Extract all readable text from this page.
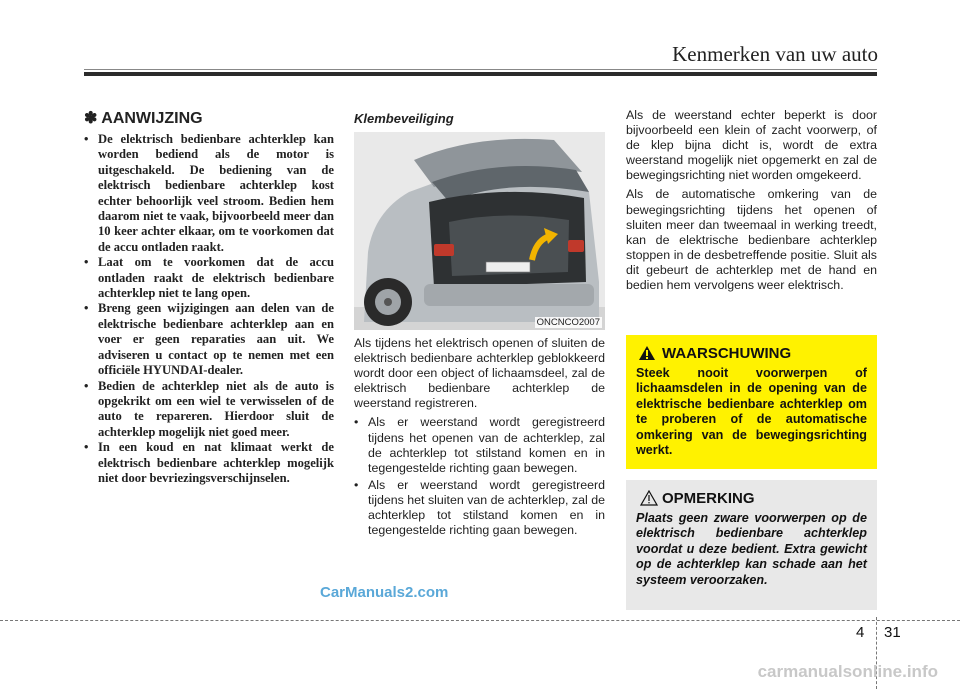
Kenmerken van uw auto
✽ AANWIJZING
• De elektrisch bedienbare achterklep kan worden bediend als de motor is uitgeschakeld. De bediening van de elektrisch bedienbare achterklep kost echter behoorlijk veel stroom. Bedien hem daarom niet te vaak, bijvoorbeeld meer dan 10 keer achter elkaar, om te voorkomen dat de accu ontladen raakt.
• Laat om te voorkomen dat de accu ontladen raakt de elektrisch bedienbare achterklep niet te lang open.
• Breng geen wijzigingen aan delen van de elektrische bedienbare achterklep aan en voer er geen reparaties aan uit. We adviseren u contact op te nemen met een officiële HYUNDAI-dealer.
• Bedien de achterklep niet als de auto is opgekrikt om een wiel te verwisselen of de auto te repareren. Hierdoor sluit de achterklep mogelijk niet goed meer.
• In een koud en nat klimaat werkt de elektrisch bedienbare achterklep mogelijk niet door bevriezingsverschijnselen.
Klembeveiliging
ONCNCO2007

Als tijdens het elektrisch openen of sluiten de elektrisch bedienbare achterklep geblokkeerd wordt door een object of lichaamsdeel, zal de elektrisch bedienbare achterklep de weerstand registreren.

• Als er weerstand wordt geregistreerd tijdens het openen van de achterklep, zal de achterklep tot stilstand komen en in tegengestelde richting gaan bewegen.
• Als er weerstand wordt geregistreerd tijdens het sluiten van de achterklep, zal de achterklep tot stilstand komen en in tegengestelde richting gaan bewegen.

Als de weerstand echter beperkt is door bijvoorbeeld een klein of zacht voorwerp, of de klep bijna dicht is, wordt de extra weerstand mogelijk niet opgemerkt en zal de bewegingsrichting niet worden omgekeerd.

Als de automatische omkering van de bewegingsrichting tijdens het openen of sluiten meer dan tweemaal in werking treedt, kan de elektrische bedienbare achterklep stoppen in de desbetreffende positie. Sluit als dit gebeurt de achterklep met de hand en bedien hem vervolgens weer elektrisch.

WAARSCHUWING
Steek nooit voorwerpen of lichaamsdelen in de opening van de elektrische bedienbare achterklep om te proberen of de automatische omkering van de bewegingsrichting werkt.
OPMERKING
Plaats geen zware voorwerpen op de elektrisch bedienbare achterklep voordat u deze bedient. Extra gewicht op de achterklep kan schade aan het systeem veroorzaken.
CarManuals2.com
4 31
carmanualsonline.info
